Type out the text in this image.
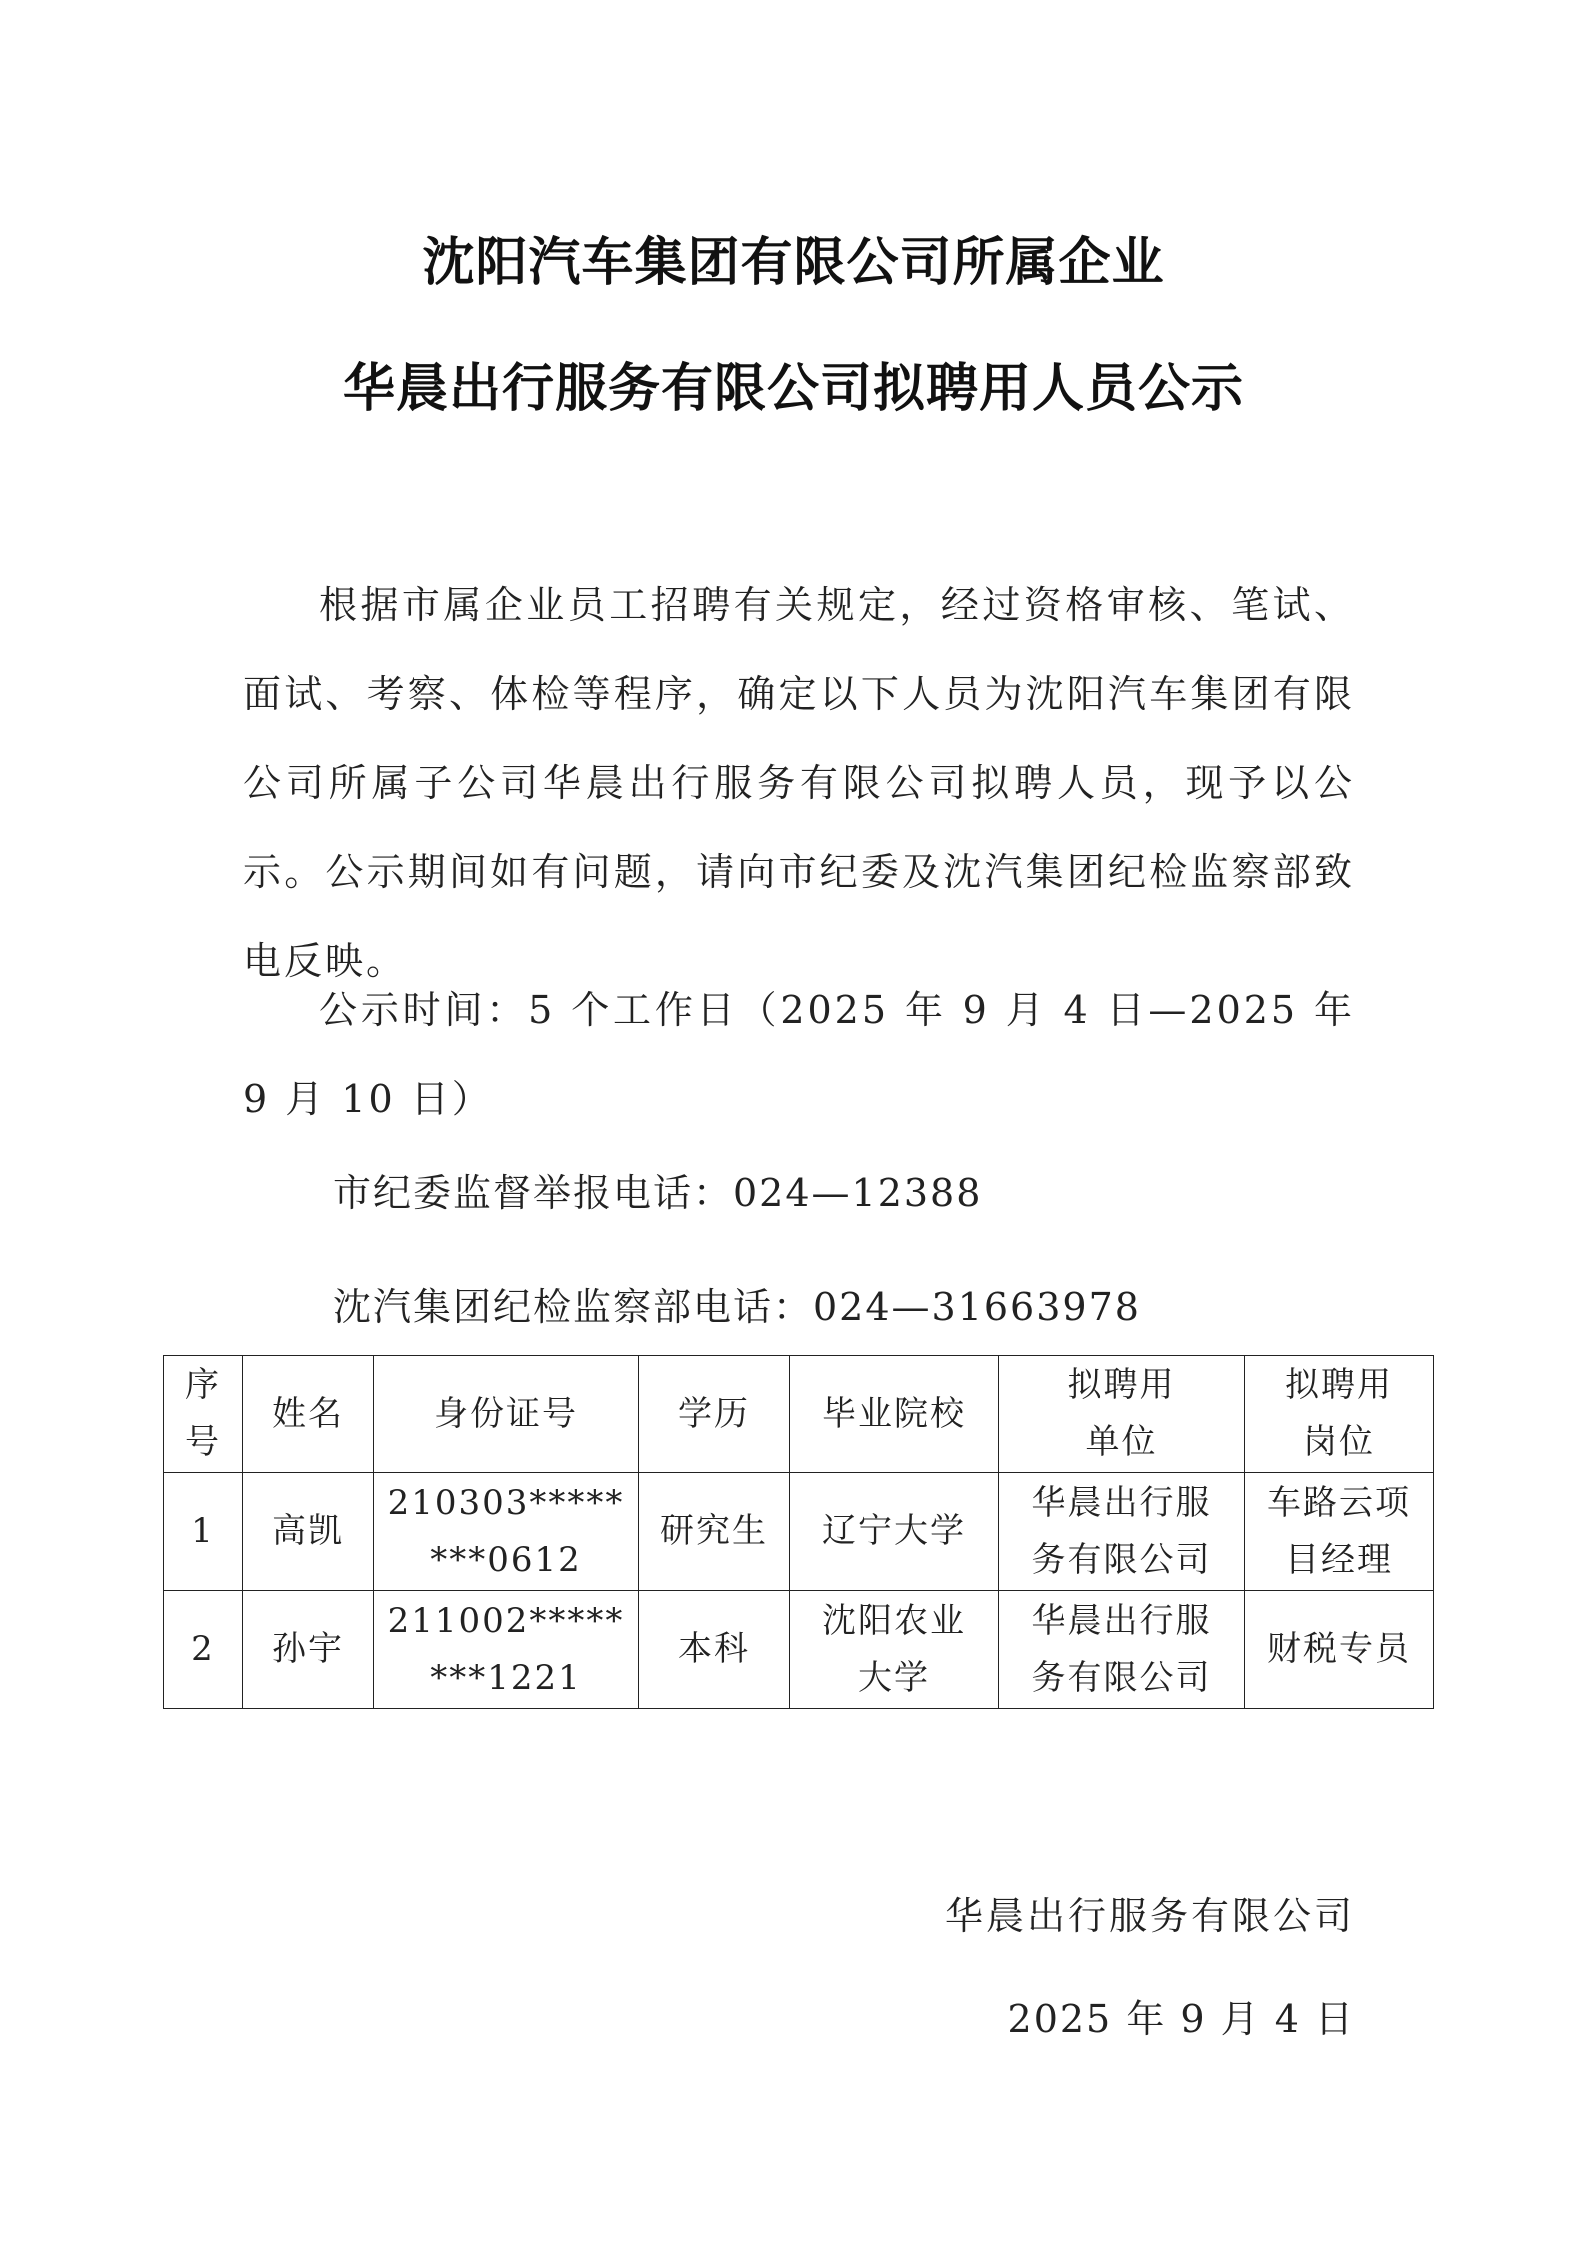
沈阳汽车集团有限公司所属企业
华晨出行服务有限公司拟聘用人员公示

根据市属企业员工招聘有关规定，经过资格审核、笔试、面试、考察、体检等程序，确定以下人员为沈阳汽车集团有限公司所属子公司华晨出行服务有限公司拟聘人员，现予以公示。公示期间如有问题，请向市纪委及沈汽集团纪检监察部致电反映。

公示时间：5 个工作日（2025 年 9 月 4 日—2025 年 9 月 10 日）

市纪委监督举报电话：024—12388

沈汽集团纪检监察部电话：024—31663978

序号	姓名	身份证号	学历	毕业院校	拟聘用单位	拟聘用岗位
1	高凯	210303********0612	研究生	辽宁大学	华晨出行服务有限公司	车路云项目经理
2	孙宇	211002********1221	本科	沈阳农业大学	华晨出行服务有限公司	财税专员

华晨出行服务有限公司

2025 年 9 月 4 日
